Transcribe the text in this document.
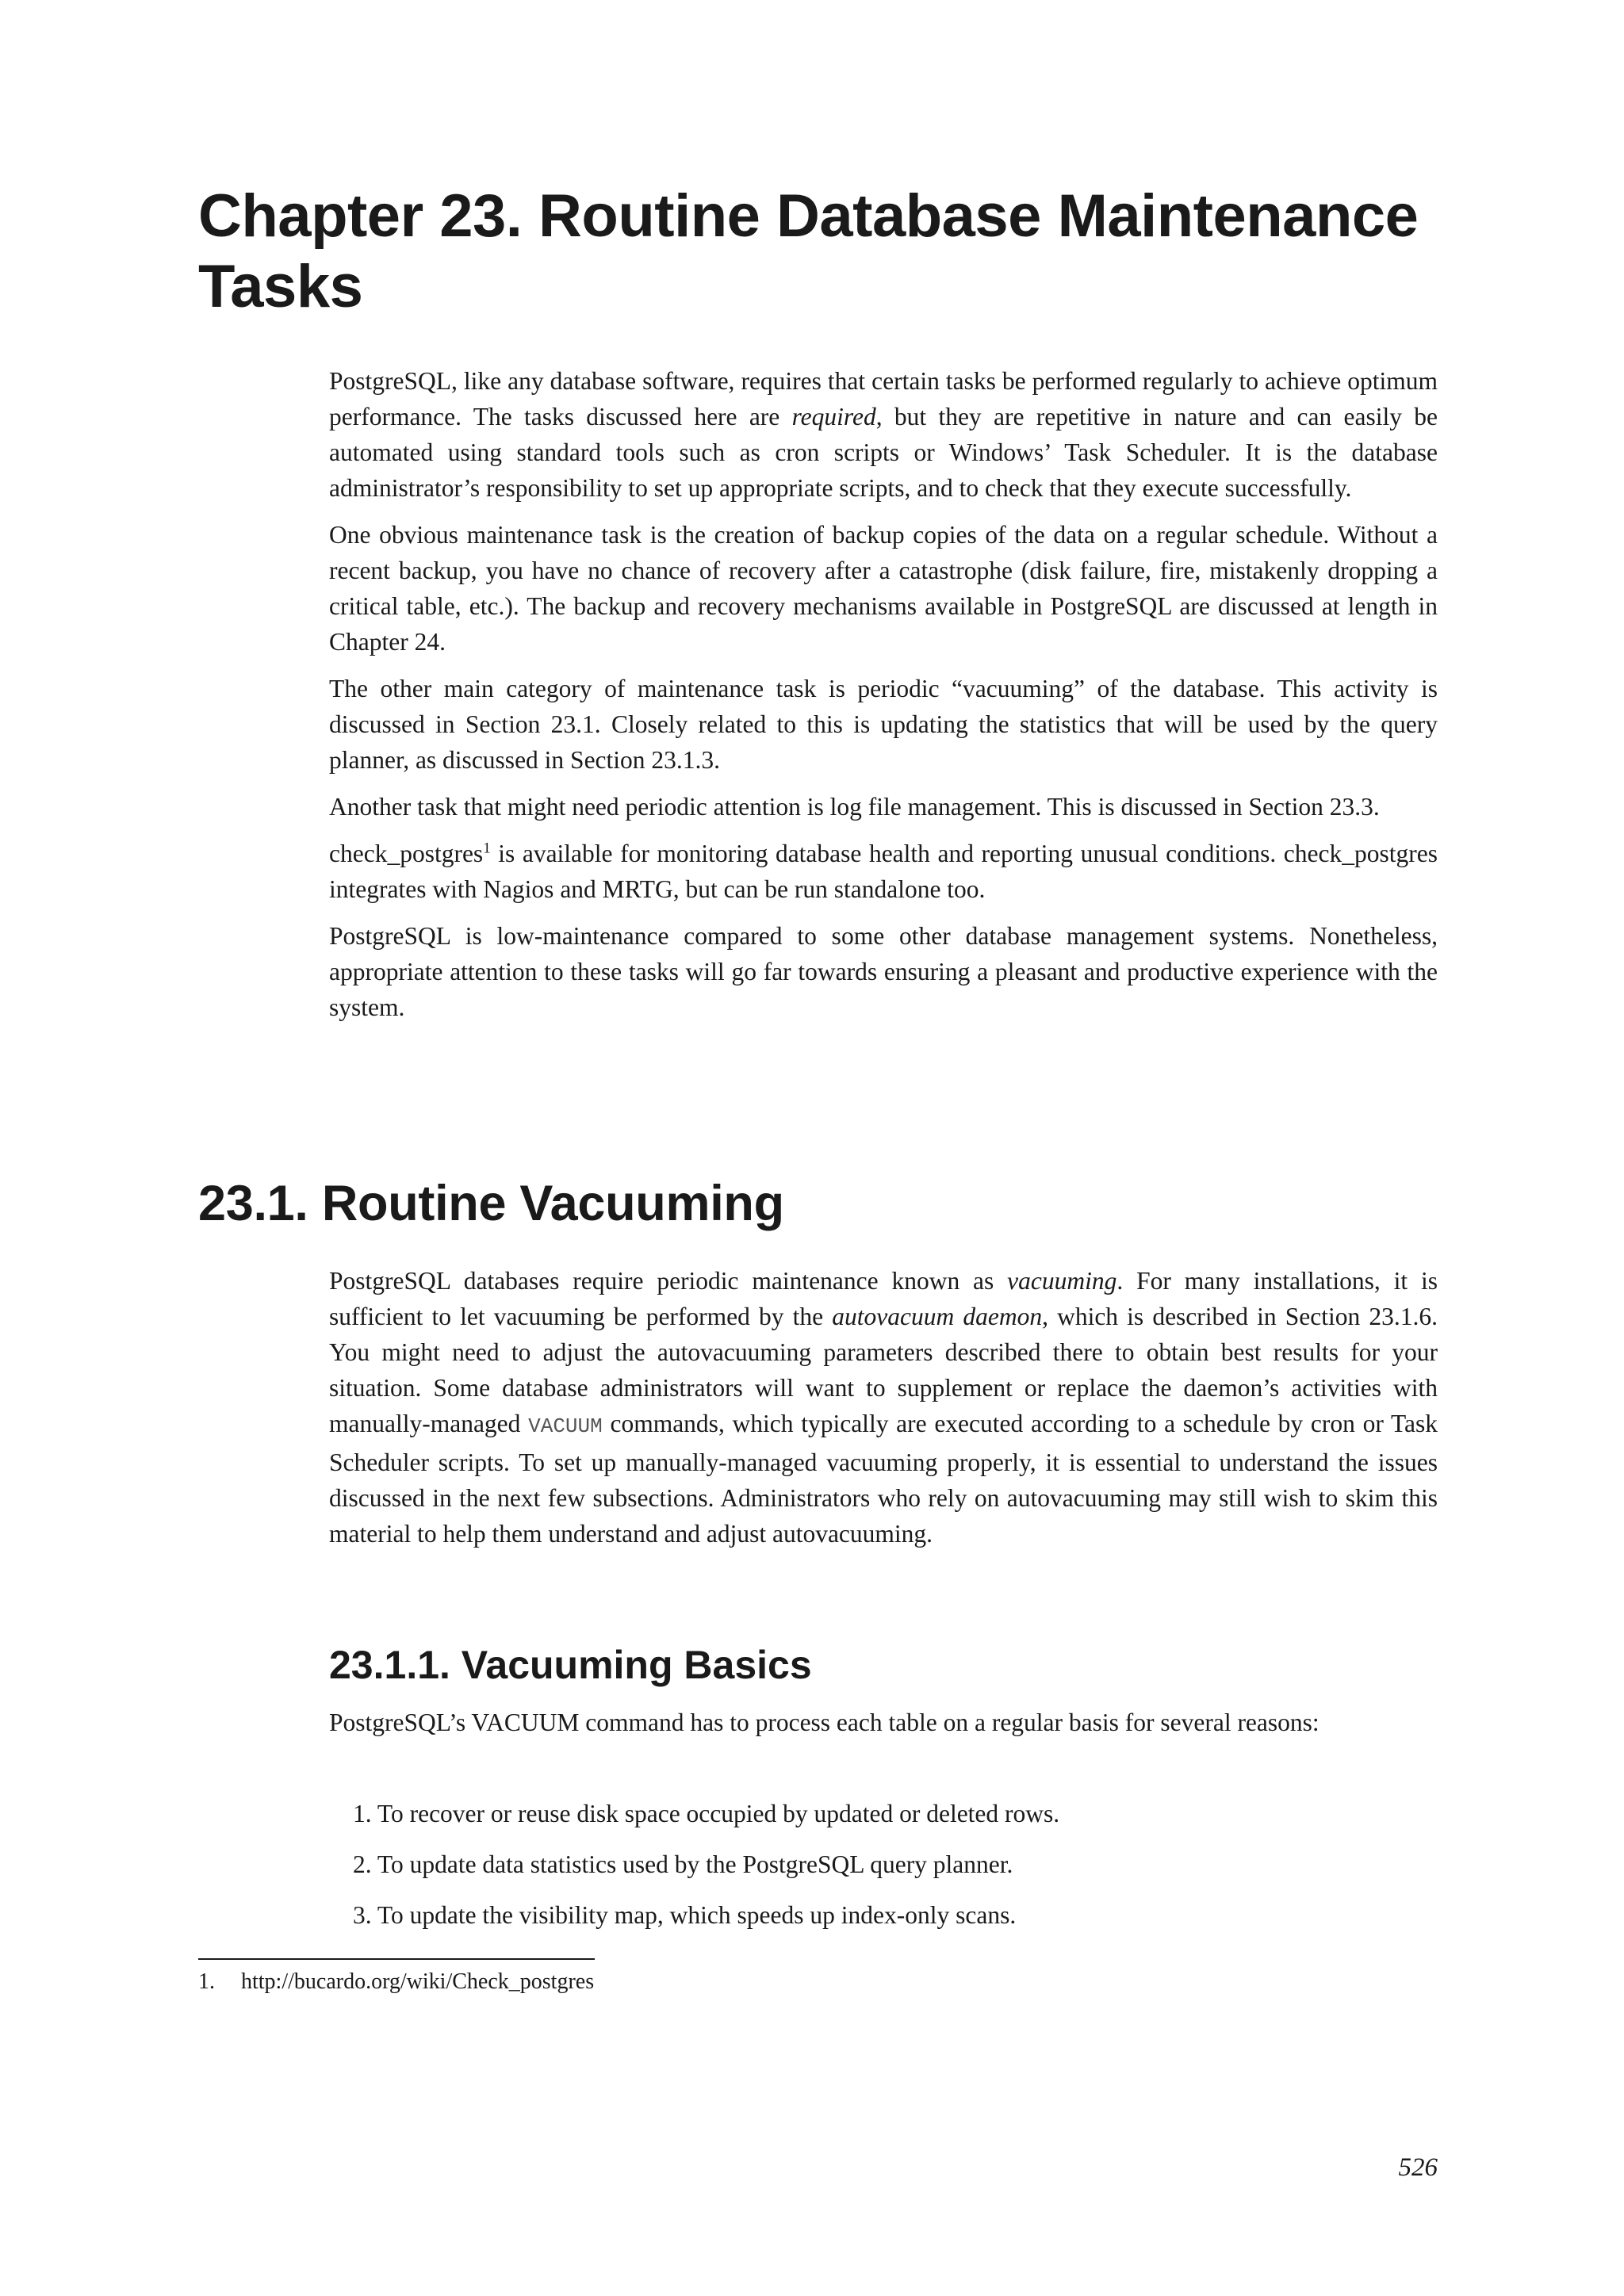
Chapter 23. Routine Database Maintenance Tasks

PostgreSQL, like any database software, requires that certain tasks be performed regularly to achieve optimum performance. The tasks discussed here are required, but they are repetitive in nature and can easily be automated using standard tools such as cron scripts or Windows’ Task Scheduler. It is the database administrator’s responsibility to set up appropriate scripts, and to check that they execute successfully.

One obvious maintenance task is the creation of backup copies of the data on a regular schedule. Without a recent backup, you have no chance of recovery after a catastrophe (disk failure, fire, mistakenly dropping a critical table, etc.). The backup and recovery mechanisms available in PostgreSQL are discussed at length in Chapter 24.

The other main category of maintenance task is periodic “vacuuming” of the database. This activity is discussed in Section 23.1. Closely related to this is updating the statistics that will be used by the query planner, as discussed in Section 23.1.3.

Another task that might need periodic attention is log file management. This is discussed in Section 23.3.

check_postgres$^1$ is available for monitoring database health and reporting unusual conditions. check_postgres integrates with Nagios and MRTG, but can be run standalone too.

PostgreSQL is low-maintenance compared to some other database management systems. Nonetheless, appropriate attention to these tasks will go far towards ensuring a pleasant and productive experience with the system.

23.1. Routine Vacuuming

PostgreSQL databases require periodic maintenance known as vacuuming. For many installations, it is sufficient to let vacuuming be performed by the autovacuum daemon, which is described in Section 23.1.6. You might need to adjust the autovacuuming parameters described there to obtain best results for your situation. Some database administrators will want to supplement or replace the daemon’s activities with manually-managed VACUUM commands, which typically are executed according to a schedule by cron or Task Scheduler scripts. To set up manually-managed vacuuming properly, it is essential to understand the issues discussed in the next few subsections. Administrators who rely on autovacuuming may still wish to skim this material to help them understand and adjust autovacuuming.

23.1.1. Vacuuming Basics

PostgreSQL’s VACUUM command has to process each table on a regular basis for several reasons:

1. To recover or reuse disk space occupied by updated or deleted rows.
2. To update data statistics used by the PostgreSQL query planner.
3. To update the visibility map, which speeds up index-only scans.

1. http://bucardo.org/wiki/Check_postgres

526
